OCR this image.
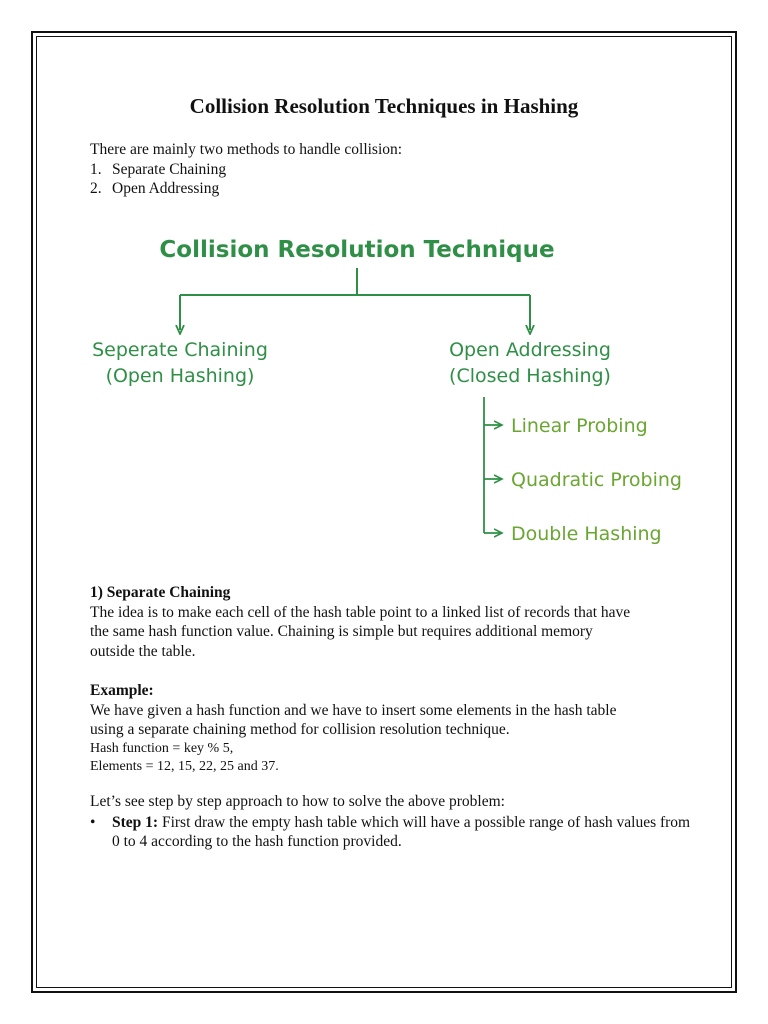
Collision Resolution Techniques in Hashing
There are mainly two methods to handle collision:
1. Separate Chaining
2. Open Addressing
Collision Resolution Technique
Seperate Chaining
(Open Hashing)
Open Addressing
(Closed Hashing)
Linear Probing
Quadratic Probing
Double Hashing
1) Separate Chaining
The idea is to make each cell of the hash table point to a linked list of records that have
the same hash function value. Chaining is simple but requires additional memory
outside the table.
Example:
We have given a hash function and we have to insert some elements in the hash table
using a separate chaining method for collision resolution technique.
Hash function = key % 5,
Elements = 12, 15, 22, 25 and 37.
Let’s see step by step approach to how to solve the above problem:
• Step 1: First draw the empty hash table which will have a possible range of hash values from 0 to 4 according to the hash function provided.
